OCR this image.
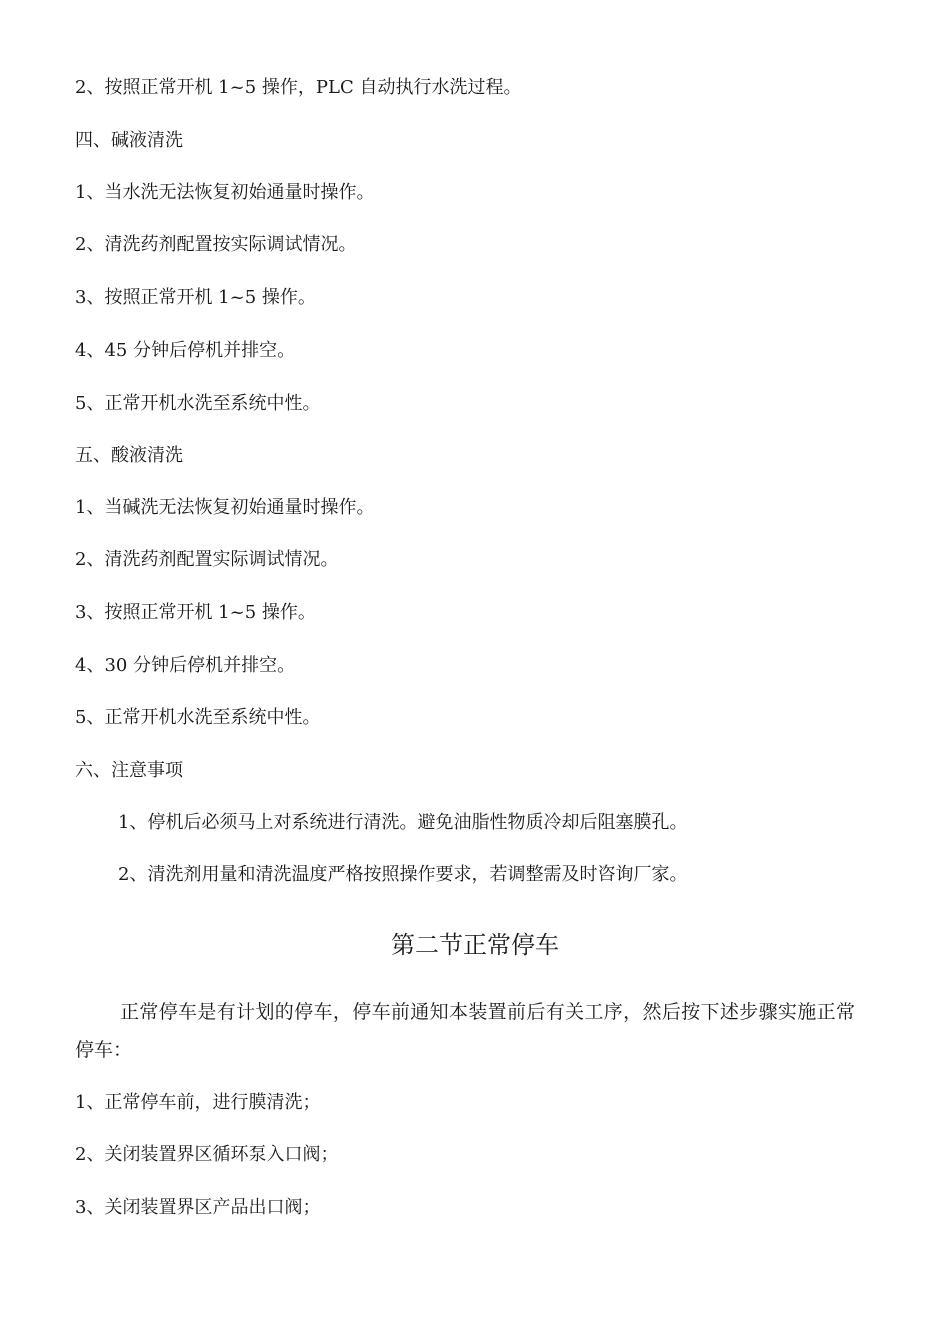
2、按照正常开机 1~5 操作，PLC 自动执行水洗过程。
四、碱液清洗
1、当水洗无法恢复初始通量时操作。
2、清洗药剂配置按实际调试情况。
3、按照正常开机 1~5 操作。
4、45 分钟后停机并排空。
5、正常开机水洗至系统中性。
五、酸液清洗
1、当碱洗无法恢复初始通量时操作。
2、清洗药剂配置实际调试情况。
3、按照正常开机 1~5 操作。
4、30 分钟后停机并排空。
5、正常开机水洗至系统中性。
六、注意事项
1、停机后必须马上对系统进行清洗。避免油脂性物质冷却后阻塞膜孔。
2、清洗剂用量和清洗温度严格按照操作要求，若调整需及时咨询厂家。
第二节正常停车
正常停车是有计划的停车，停车前通知本装置前后有关工序，然后按下述步骤实施正常停车：
1、正常停车前，进行膜清洗；
2、关闭装置界区循环泵入口阀；
3、关闭装置界区产品出口阀；
